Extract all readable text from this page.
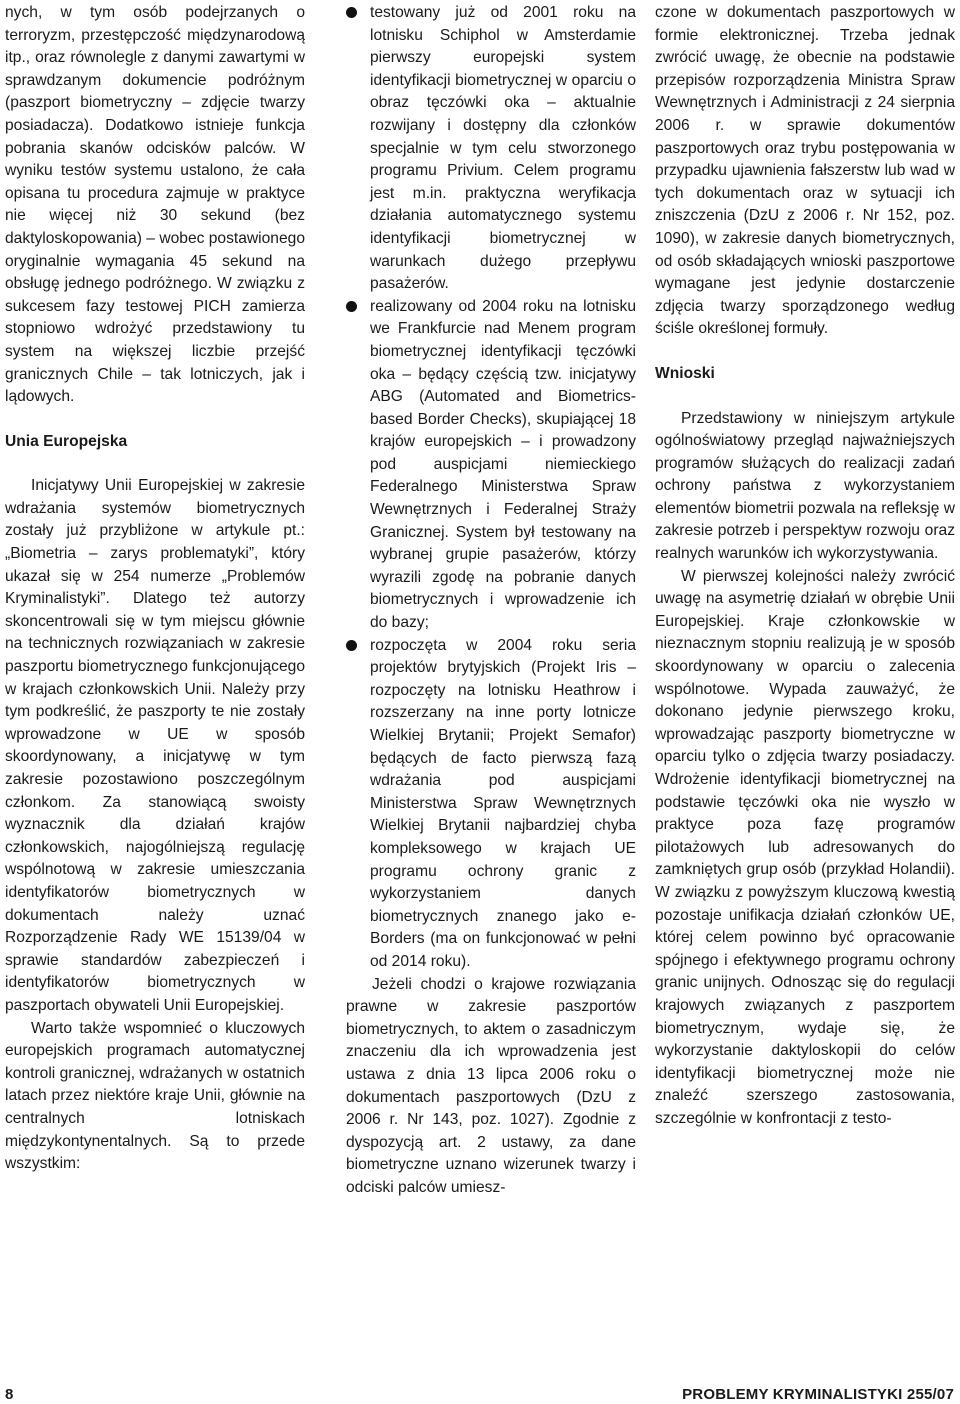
nych, w tym osób podejrzanych o terroryzm, przestępczość międzynarodową itp., oraz równolegle z danymi zawartymi w sprawdzanym dokumencie podróżnym (paszport biometryczny – zdjęcie twarzy posiadacza). Dodatkowo istnieje funkcja pobrania skanów odcisków palców. W wyniku testów systemu ustalono, że cała opisana tu procedura zajmuje w praktyce nie więcej niż 30 sekund (bez daktyloskopowania) – wobec postawionego oryginalnie wymagania 45 sekund na obsługę jednego podróżnego. W związku z sukcesem fazy testowej PICH zamierza stopniowo wdrożyć przedstawiony tu system na większej liczbie przejść granicznych Chile – tak lotniczych, jak i lądowych.

Unia Europejska

Inicjatywy Unii Europejskiej w zakresie wdrażania systemów biometrycznych zostały już przybliżone w artykule pt.: „Biometria – zarys problematyki”, który ukazał się w 254 numerze „Problemów Kryminalistyki”. Dlatego też autorzy skoncentrowali się w tym miejscu głównie na technicznych rozwiązaniach w zakresie paszportu biometrycznego funkcjonującego w krajach członkowskich Unii. Należy przy tym podkreślić, że paszporty te nie zostały wprowadzone w UE w sposób skoordynowany, a inicjatywę w tym zakresie pozostawiono poszczególnym członkom. Za stanowiącą swoisty wyznacznik dla działań krajów członkowskich, najogólniejszą regulację wspólnotową w zakresie umieszczania identyfikatorów biometrycznych w dokumentach należy uznać Rozporządzenie Rady WE 15139/04 w sprawie standardów zabezpieczeń i identyfikatorów biometrycznych w paszportach obywateli Unii Europejskiej.

Warto także wspomnieć o kluczowych europejskich programach automatycznej kontroli granicznej, wdrażanych w ostatnich latach przez niektóre kraje Unii, głównie na centralnych lotniskach międzykontynentalnych. Są to przede wszystkim:

testowany już od 2001 roku na lotnisku Schiphol w Amsterdamie pierwszy europejski system identyfikacji biometrycznej w oparciu o obraz tęczówki oka – aktualnie rozwijany i dostępny dla członków specjalnie w tym celu stworzonego programu Privium. Celem programu jest m.in. praktyczna weryfikacja działania automatycznego systemu identyfikacji biometrycznej w warunkach dużego przepływu pasażerów.
realizowany od 2004 roku na lotnisku we Frankfurcie nad Menem program biometrycznej identyfikacji tęczówki oka – będący częścią tzw. inicjatywy ABG (Automated and Biometrics-based Border Checks), skupiającej 18 krajów europejskich – i prowadzony pod auspicjami niemieckiego Federalnego Ministerstwa Spraw Wewnętrznych i Federalnej Straży Granicznej. System był testowany na wybranej grupie pasażerów, którzy wyrazili zgodę na pobranie danych biometrycznych i wprowadzenie ich do bazy;
rozpoczęta w 2004 roku seria projektów brytyjskich (Projekt Iris – rozpoczęty na lotnisku Heathrow i rozszerzany na inne porty lotnicze Wielkiej Brytanii; Projekt Semafor) będących de facto pierwszą fazą wdrażania pod auspicjami Ministerstwa Spraw Wewnętrznych Wielkiej Brytanii najbardziej chyba kompleksowego w krajach UE programu ochrony granic z wykorzystaniem danych biometrycznych znanego jako e-Borders (ma on funkcjonować w pełni od 2014 roku).

Jeżeli chodzi o krajowe rozwiązania prawne w zakresie paszportów biometrycznych, to aktem o zasadniczym znaczeniu dla ich wprowadzenia jest ustawa z dnia 13 lipca 2006 roku o dokumentach paszportowych (DzU z 2006 r. Nr 143, poz. 1027). Zgodnie z dyspozycją art. 2 ustawy, za dane biometryczne uznano wizerunek twarzy i odciski palców umiesz-

czone w dokumentach paszportowych w formie elektronicznej. Trzeba jednak zwrócić uwagę, że obecnie na podstawie przepisów rozporządzenia Ministra Spraw Wewnętrznych i Administracji z 24 sierpnia 2006 r. w sprawie dokumentów paszportowych oraz trybu postępowania w przypadku ujawnienia fałszerstw lub wad w tych dokumentach oraz w sytuacji ich zniszczenia (DzU z 2006 r. Nr 152, poz. 1090), w zakresie danych biometrycznych, od osób składających wnioski paszportowe wymagane jest jedynie dostarczenie zdjęcia twarzy sporządzonego według ściśle określonej formuły.

Wnioski

Przedstawiony w niniejszym artykule ogólnoświatowy przegląd najważniejszych programów służących do realizacji zadań ochrony państwa z wykorzystaniem elementów biometrii pozwala na refleksję w zakresie potrzeb i perspektyw rozwoju oraz realnych warunków ich wykorzystywania.

W pierwszej kolejności należy zwrócić uwagę na asymetrię działań w obrębie Unii Europejskiej. Kraje członkowskie w nieznacznym stopniu realizują je w sposób skoordynowany w oparciu o zalecenia wspólnotowe. Wypada zauważyć, że dokonano jedynie pierwszego kroku, wprowadzając paszporty biometryczne w oparciu tylko o zdjęcia twarzy posiadaczy. Wdrożenie identyfikacji biometrycznej na podstawie tęczówki oka nie wyszło w praktyce poza fazę programów pilotażowych lub adresowanych do zamkniętych grup osób (przykład Holandii). W związku z powyższym kluczową kwestią pozostaje unifikacja działań członków UE, której celem powinno być opracowanie spójnego i efektywnego programu ochrony granic unijnych. Odnosząc się do regulacji krajowych związanych z paszportem biometrycznym, wydaje się, że wykorzystanie daktyloskopii do celów identyfikacji biometrycznej może nie znaleźć szerszego zastosowania, szczególnie w konfrontacji z testo-

8	PROBLEMY KRYMINALISTYKI 255/07
